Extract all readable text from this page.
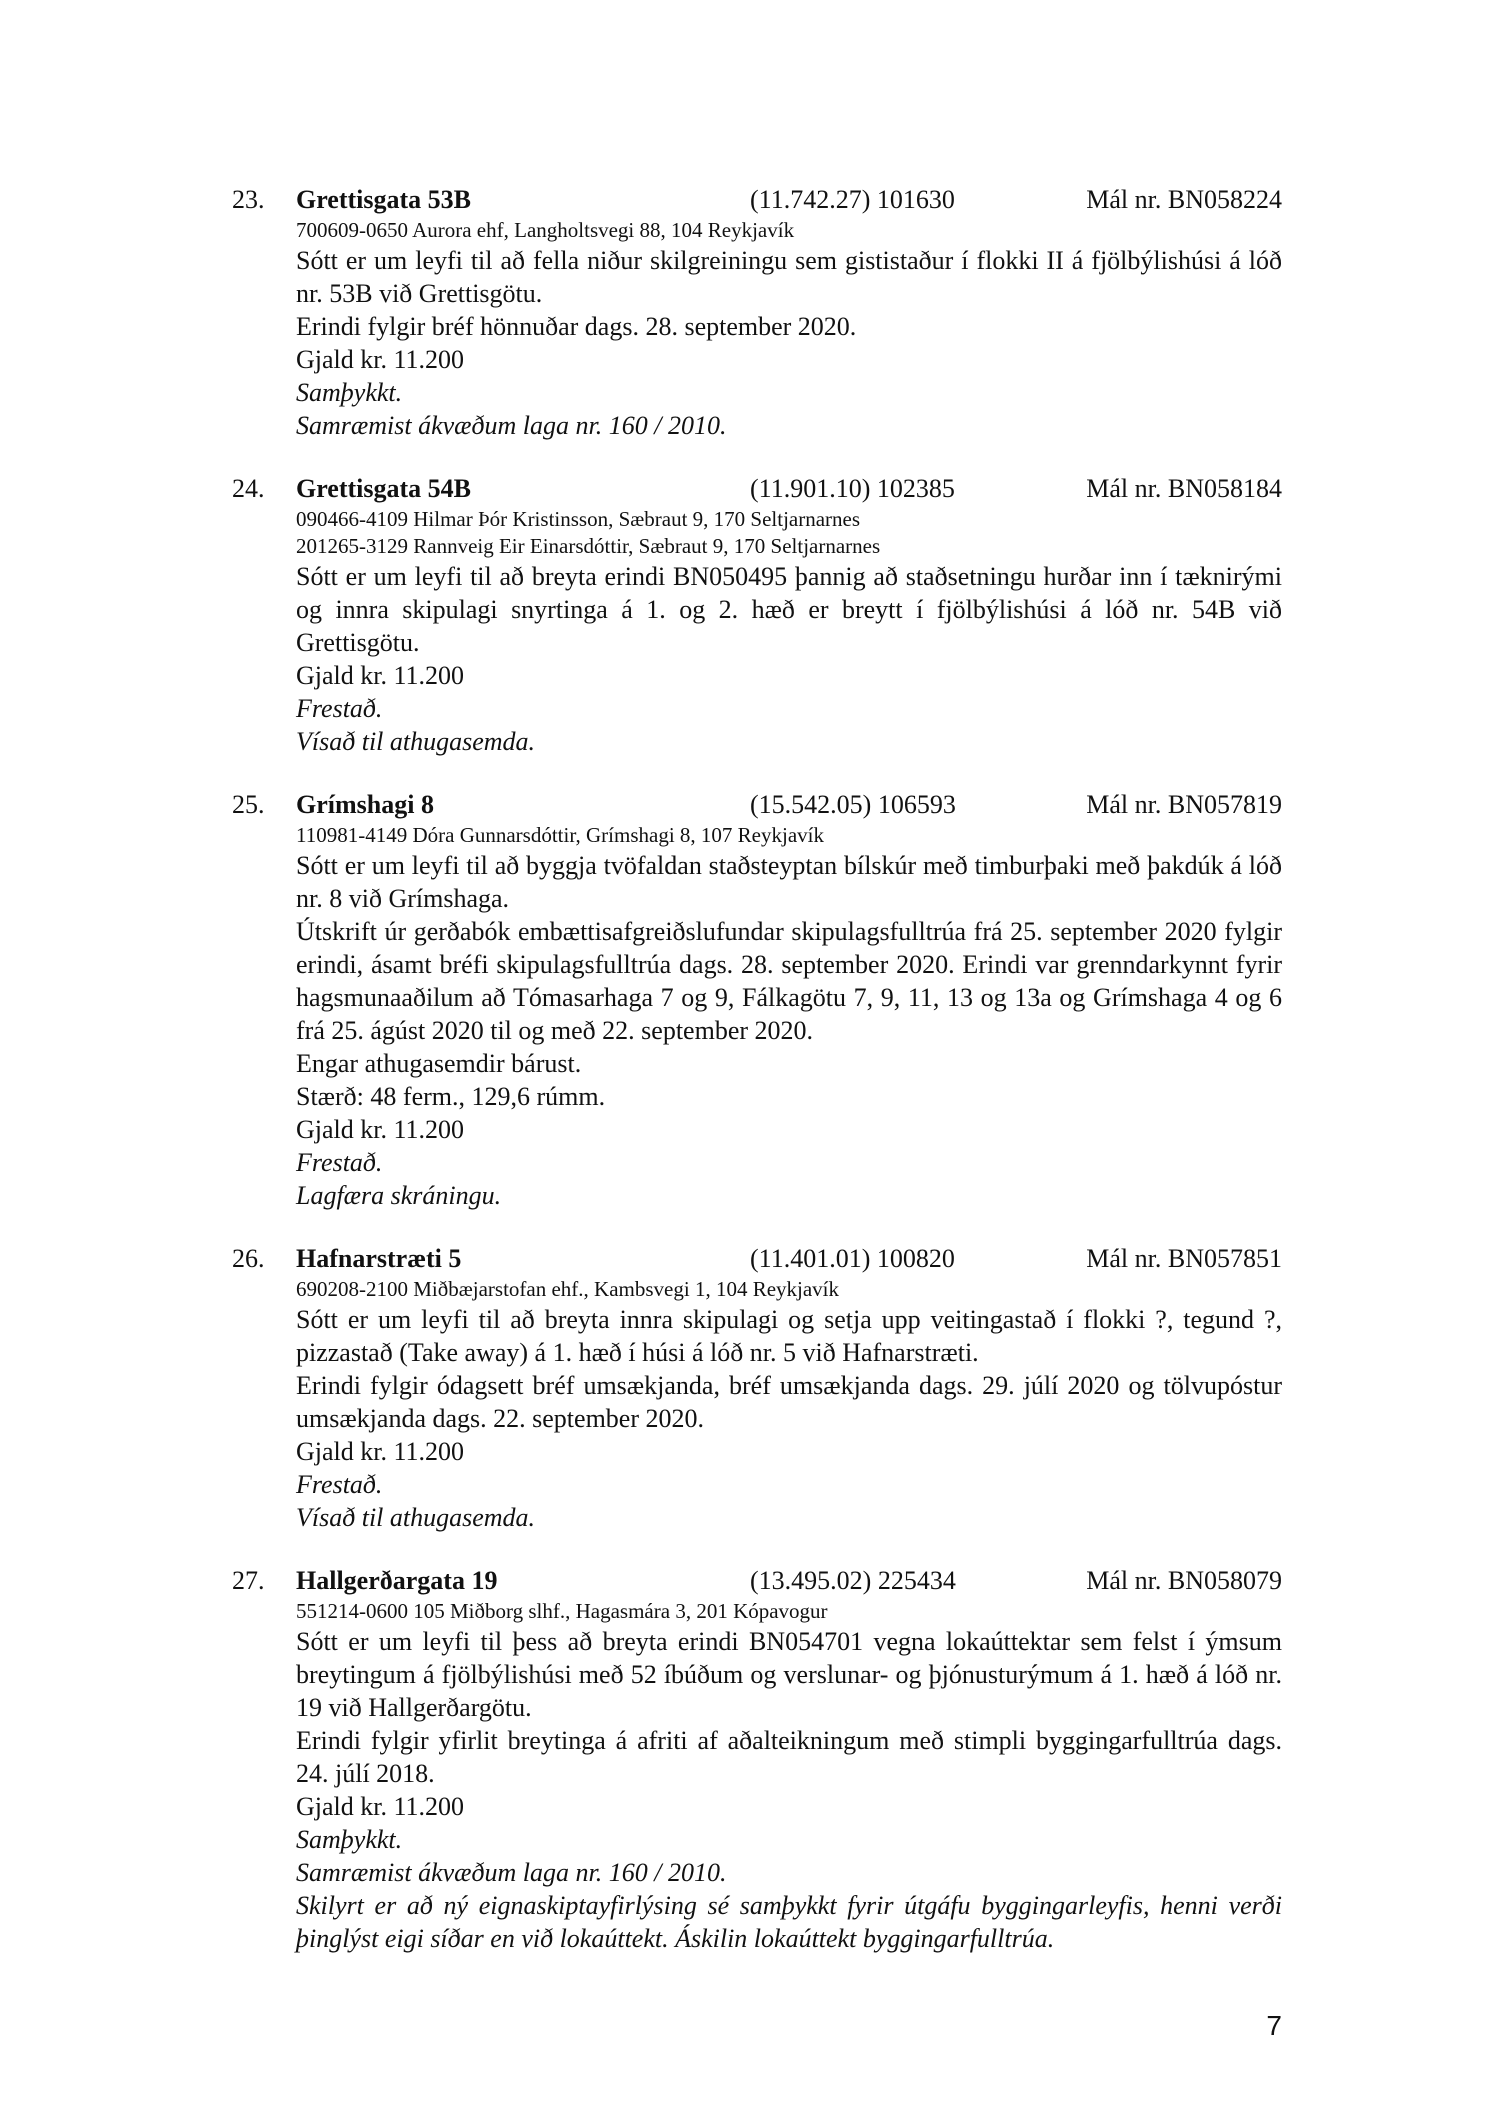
23. Grettisgata 53B	(11.742.27) 101630	Mál nr. BN058224
700609-0650 Aurora ehf, Langholtsvegi 88, 104 Reykjavík
Sótt er um leyfi til að fella niður skilgreiningu sem gististaður í flokki II á fjölbýlishúsi á lóð nr. 53B við Grettisgötu.
Erindi fylgir bréf hönnuðar dags. 28. september 2020.
Gjald kr. 11.200
Samþykkt.
Samræmist ákvæðum laga nr. 160 / 2010.
24. Grettisgata 54B	(11.901.10) 102385	Mál nr. BN058184
090466-4109 Hilmar Þór Kristinsson, Sæbraut 9, 170 Seltjarnarnes
201265-3129 Rannveig Eir Einarsdóttir, Sæbraut 9, 170 Seltjarnarnes
Sótt er um leyfi til að breyta erindi BN050495 þannig að staðsetningu hurðar inn í tæknirými og innra skipulagi snyrtinga á 1. og 2. hæð er breytt í fjölbýlishúsi á lóð nr. 54B við Grettisgötu.
Gjald kr. 11.200
Frestað.
Vísað til athugasemda.
25. Grímshagi 8	(15.542.05) 106593	Mál nr. BN057819
110981-4149 Dóra Gunnarsdóttir, Grímshagi 8, 107 Reykjavík
Sótt er um leyfi til að byggja tvöfaldan staðsteyptan bílskúr með timburþaki með þakdúk á lóð nr. 8 við Grímshaga.
Útskrift úr gerðabók embættisafgreiðslufundar skipulagsfulltrúa frá 25. september 2020 fylgir erindi, ásamt bréfi skipulagsfulltrúa dags. 28. september 2020. Erindi var grenndarkynnt fyrir hagsmunaaðilum að Tómasarhaga 7 og 9, Fálkagötu 7, 9, 11, 13 og 13a og Grímshaga 4 og 6 frá 25. ágúst 2020 til og með 22. september 2020.
Engar athugasemdir bárust.
Stærð: 48 ferm., 129,6 rúmm.
Gjald kr. 11.200
Frestað.
Lagfæra skráningu.
26. Hafnarstræti 5	(11.401.01) 100820	Mál nr. BN057851
690208-2100 Miðbæjarstofan ehf., Kambsvegi 1, 104 Reykjavík
Sótt er um leyfi til að breyta innra skipulagi og setja upp veitingastað í flokki ?, tegund ?, pizzastað (Take away) á 1. hæð í húsi á lóð nr. 5 við Hafnarstræti.
Erindi fylgir ódagsett bréf umsækjanda, bréf umsækjanda dags. 29. júlí 2020 og tölvupóstur umsækjanda dags. 22. september 2020.
Gjald kr. 11.200
Frestað.
Vísað til athugasemda.
27. Hallgerðargata 19	(13.495.02) 225434	Mál nr. BN058079
551214-0600 105 Miðborg slhf., Hagasmára 3, 201 Kópavogur
Sótt er um leyfi til þess að breyta erindi BN054701 vegna lokaúttektar sem felst í ýmsum breytingum á fjölbýlishúsi með 52 íbúðum og verslunar- og þjónusturýmum á 1. hæð á lóð nr. 19 við Hallgerðargötu.
Erindi fylgir yfirlit breytinga á afriti af aðalteikningum með stimpli byggingarfulltrúa dags. 24. júlí 2018.
Gjald kr. 11.200
Samþykkt.
Samræmist ákvæðum laga nr. 160 / 2010.
Skilyrt er að ný eignaskiptayfirlýsing sé samþykkt fyrir útgáfu byggingarleyfis, henni verði þinglýst eigi síðar en við lokaúttekt. Áskilin lokaúttekt byggingarfulltrúa.
7
